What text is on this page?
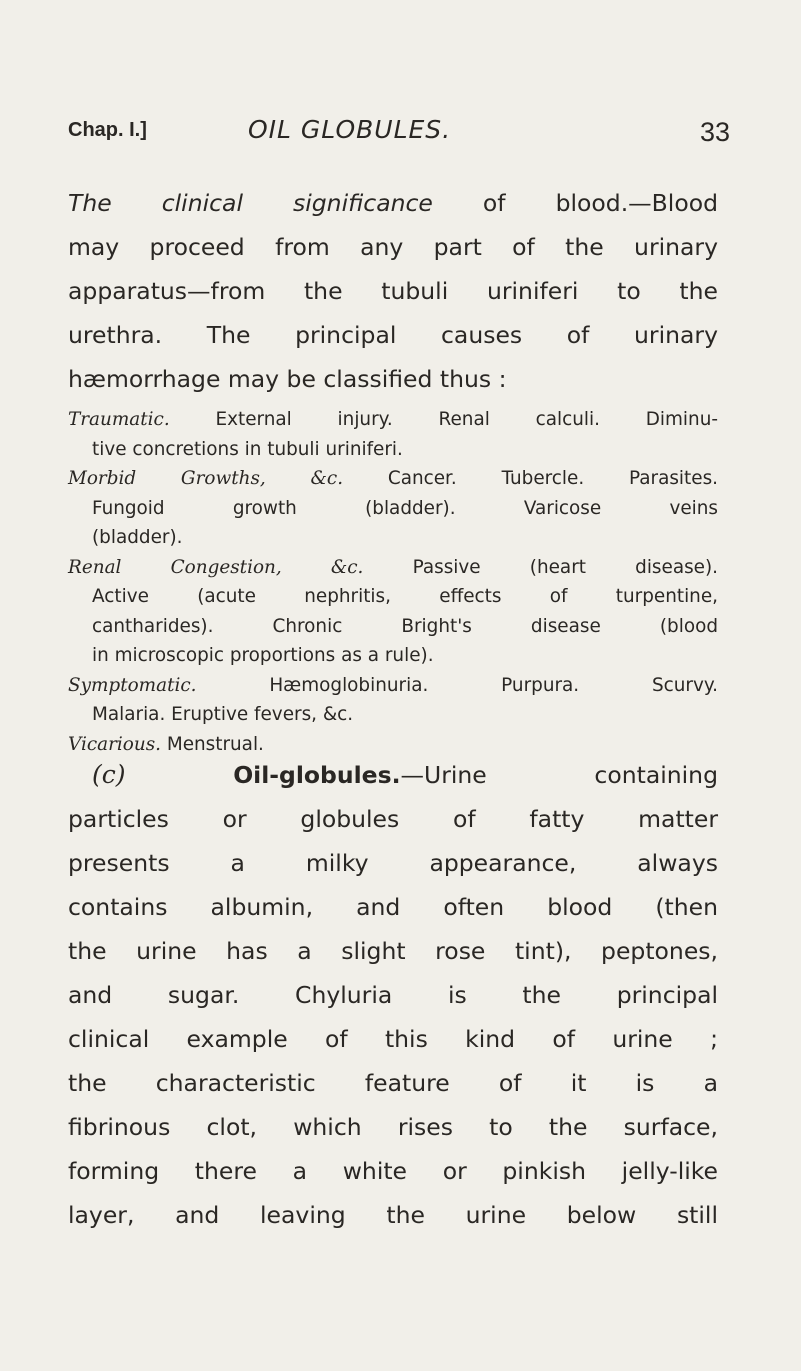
Chap. I.]	OIL GLOBULES.	33
The clinical significance of blood.—Blood
may proceed from any part of the urinary
apparatus—from the tubuli uriniferi to the
urethra. The principal causes of urinary
hæmorrhage may be classified thus :
Traumatic. External injury. Renal calculi. Diminu-
tive concretions in tubuli uriniferi.
Morbid Growths, &c. Cancer. Tubercle. Parasites.
Fungoid growth (bladder). Varicose veins
(bladder).
Renal Congestion, &c. Passive (heart disease).
Active (acute nephritis, effects of turpentine,
cantharides). Chronic Bright's disease (blood
in microscopic proportions as a rule).
Symptomatic. Hæmoglobinuria. Purpura. Scurvy.
Malaria. Eruptive fevers, &c.
Vicarious. Menstrual.
(c)	Oil-globules.—Urine containing
particles or globules of fatty matter
presents a milky appearance, always
contains albumin, and often blood (then
the urine has a slight rose tint), peptones,
and sugar. Chyluria is the principal
clinical example of this kind of urine ;
the characteristic feature of it is a
fibrinous clot, which rises to the surface,
forming there a white or pinkish jelly-like
layer, and leaving the urine below still
